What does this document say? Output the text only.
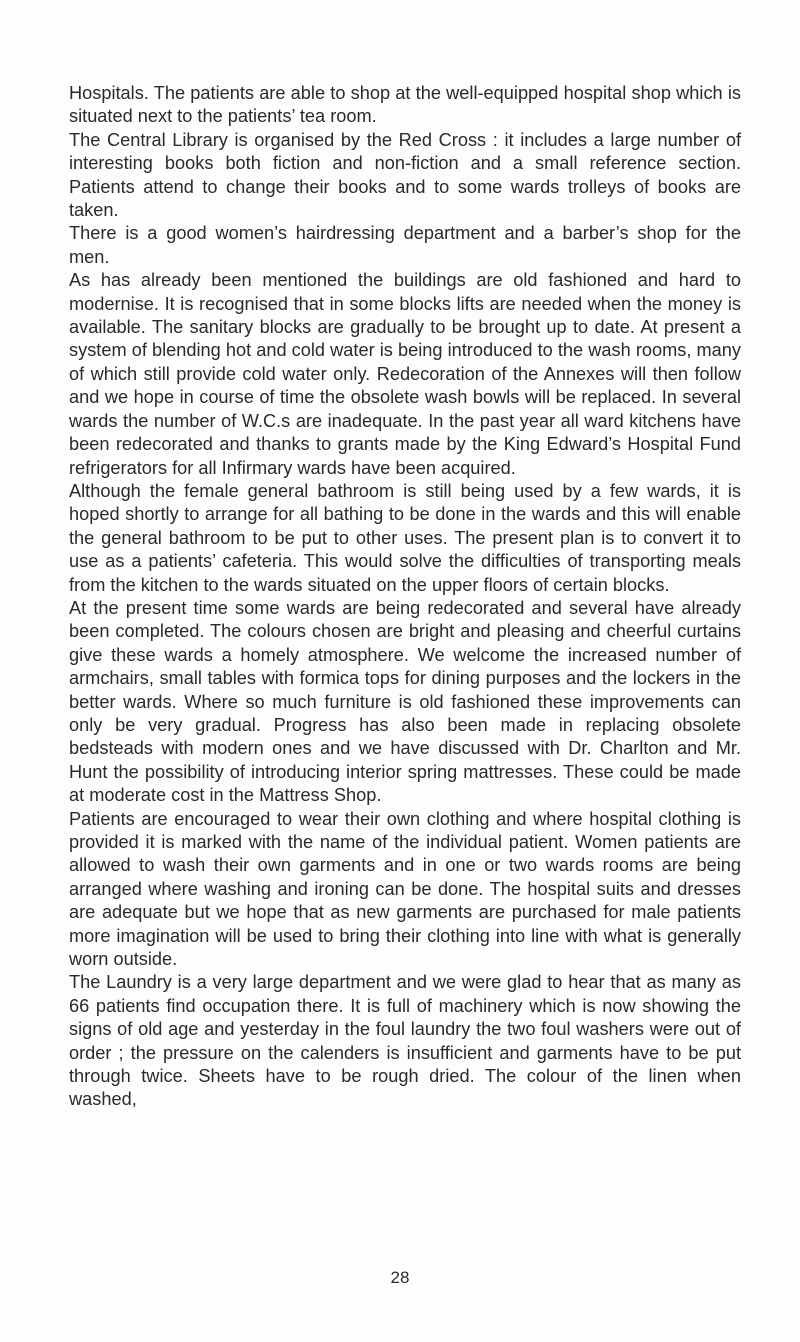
Hospitals. The patients are able to shop at the well-equipped hospital shop which is situated next to the patients’ tea room.

The Central Library is organised by the Red Cross : it includes a large number of interesting books both fiction and non-fiction and a small reference section. Patients attend to change their books and to some wards trolleys of books are taken.

There is a good women’s hairdressing department and a barber’s shop for the men.

As has already been mentioned the buildings are old fashioned and hard to modernise. It is recognised that in some blocks lifts are needed when the money is available. The sanitary blocks are gradually to be brought up to date. At present a system of blending hot and cold water is being introduced to the wash rooms, many of which still provide cold water only. Redecoration of the Annexes will then follow and we hope in course of time the obsolete wash bowls will be replaced. In several wards the number of W.C.s are inadequate. In the past year all ward kitchens have been redecorated and thanks to grants made by the King Edward’s Hospital Fund refrigerators for all Infirmary wards have been acquired.

Although the female general bathroom is still being used by a few wards, it is hoped shortly to arrange for all bathing to be done in the wards and this will enable the general bathroom to be put to other uses. The present plan is to convert it to use as a patients’ cafeteria. This would solve the difficulties of transporting meals from the kitchen to the wards situated on the upper floors of certain blocks.

At the present time some wards are being redecorated and several have already been completed. The colours chosen are bright and pleasing and cheerful curtains give these wards a homely atmosphere. We welcome the increased number of armchairs, small tables with formica tops for dining purposes and the lockers in the better wards. Where so much furniture is old fashioned these improvements can only be very gradual. Progress has also been made in replacing obsolete bedsteads with modern ones and we have discussed with Dr. Charlton and Mr. Hunt the possibility of introducing interior spring mattresses. These could be made at moderate cost in the Mattress Shop.

Patients are encouraged to wear their own clothing and where hospital clothing is provided it is marked with the name of the individual patient. Women patients are allowed to wash their own garments and in one or two wards rooms are being arranged where washing and ironing can be done. The hospital suits and dresses are adequate but we hope that as new garments are purchased for male patients more imagination will be used to bring their clothing into line with what is generally worn outside.

The Laundry is a very large department and we were glad to hear that as many as 66 patients find occupation there. It is full of machinery which is now showing the signs of old age and yesterday in the foul laundry the two foul washers were out of order ; the pressure on the calenders is insufficient and garments have to be put through twice. Sheets have to be rough dried. The colour of the linen when washed,

28
